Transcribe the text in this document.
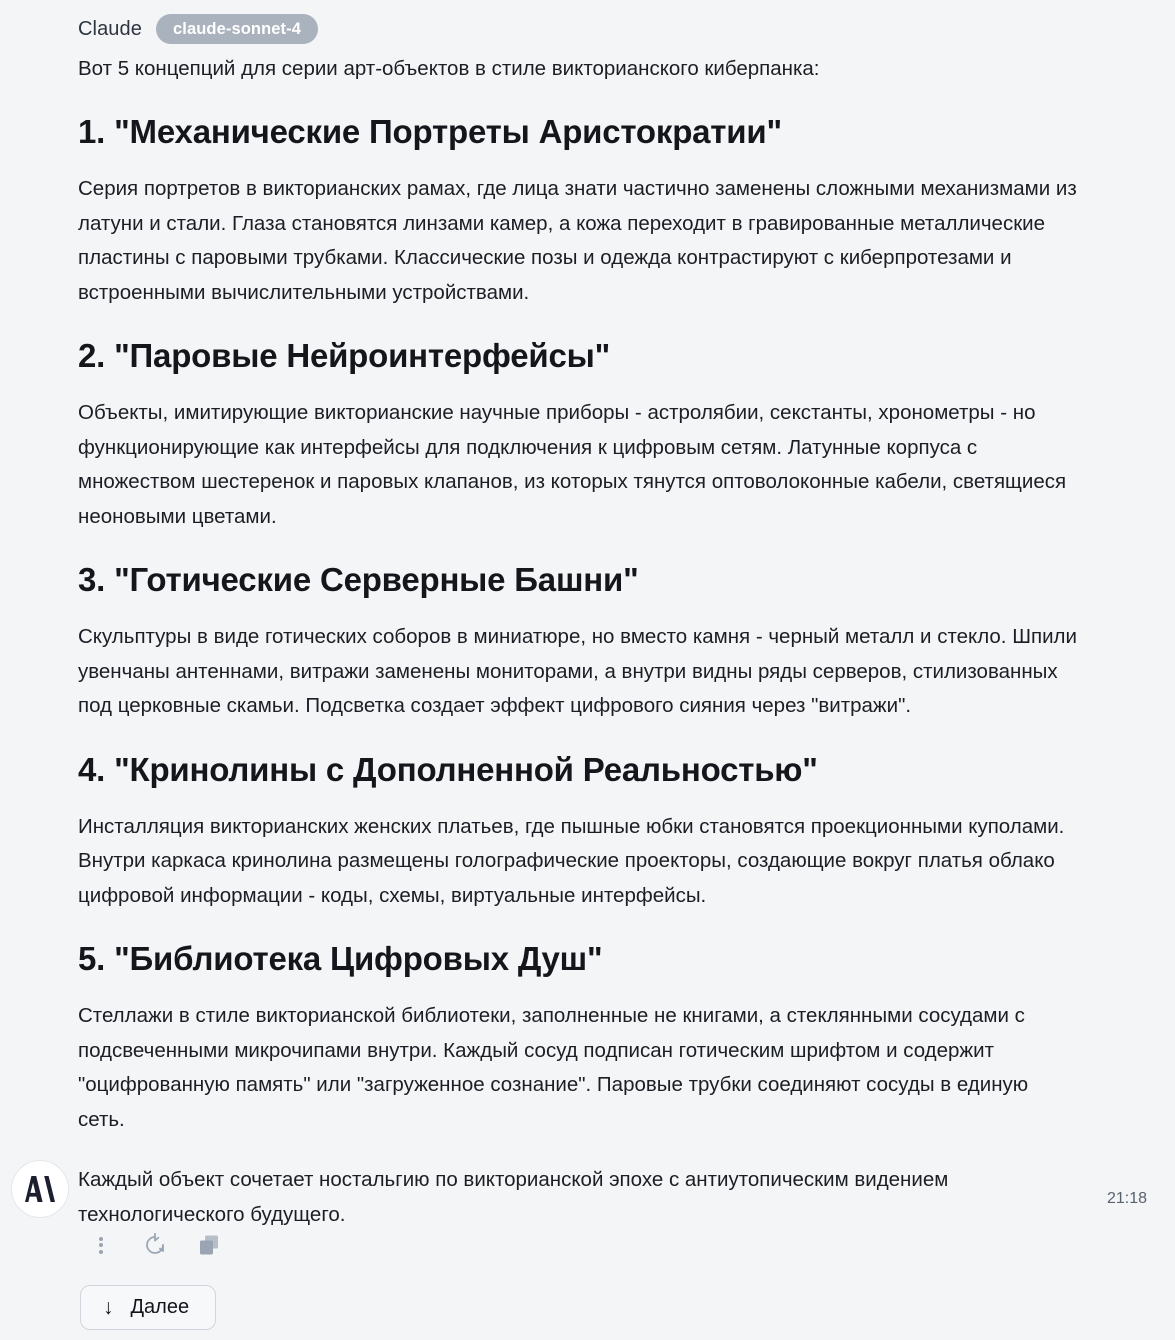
Claude	claude-sonnet-4

Вот 5 концепций для серии арт-объектов в стиле викторианского киберпанка:

1. "Механические Портреты Аристократии"

Серия портретов в викторианских рамах, где лица знати частично заменены сложными механизмами из латуни и стали. Глаза становятся линзами камер, а кожа переходит в гравированные металлические пластины с паровыми трубками. Классические позы и одежда контрастируют с киберпротезами и встроенными вычислительными устройствами.

2. "Паровые Нейроинтерфейсы"

Объекты, имитирующие викторианские научные приборы - астролябии, секстанты, хронометры - но функционирующие как интерфейсы для подключения к цифровым сетям. Латунные корпуса с множеством шестеренок и паровых клапанов, из которых тянутся оптоволоконные кабели, светящиеся неоновыми цветами.

3. "Готические Серверные Башни"

Скульптуры в виде готических соборов в миниатюре, но вместо камня - черный металл и стекло. Шпили увенчаны антеннами, витражи заменены мониторами, а внутри видны ряды серверов, стилизованных под церковные скамьи. Подсветка создает эффект цифрового сияния через "витражи".

4. "Кринолины с Дополненной Реальностью"

Инсталляция викторианских женских платьев, где пышные юбки становятся проекционными куполами. Внутри каркаса кринолина размещены голографические проекторы, создающие вокруг платья облако цифровой информации - коды, схемы, виртуальные интерфейсы.

5. "Библиотека Цифровых Душ"

Стеллажи в стиле викторианской библиотеки, заполненные не книгами, а стеклянными сосудами с подсвеченными микрочипами внутри. Каждый сосуд подписан готическим шрифтом и содержит "оцифрованную память" или "загруженное сознание". Паровые трубки соединяют сосуды в единую сеть.

Каждый объект сочетает ностальгию по викторианской эпохе с антиутопическим видением технологического будущего.

21:18
↓ Далее
